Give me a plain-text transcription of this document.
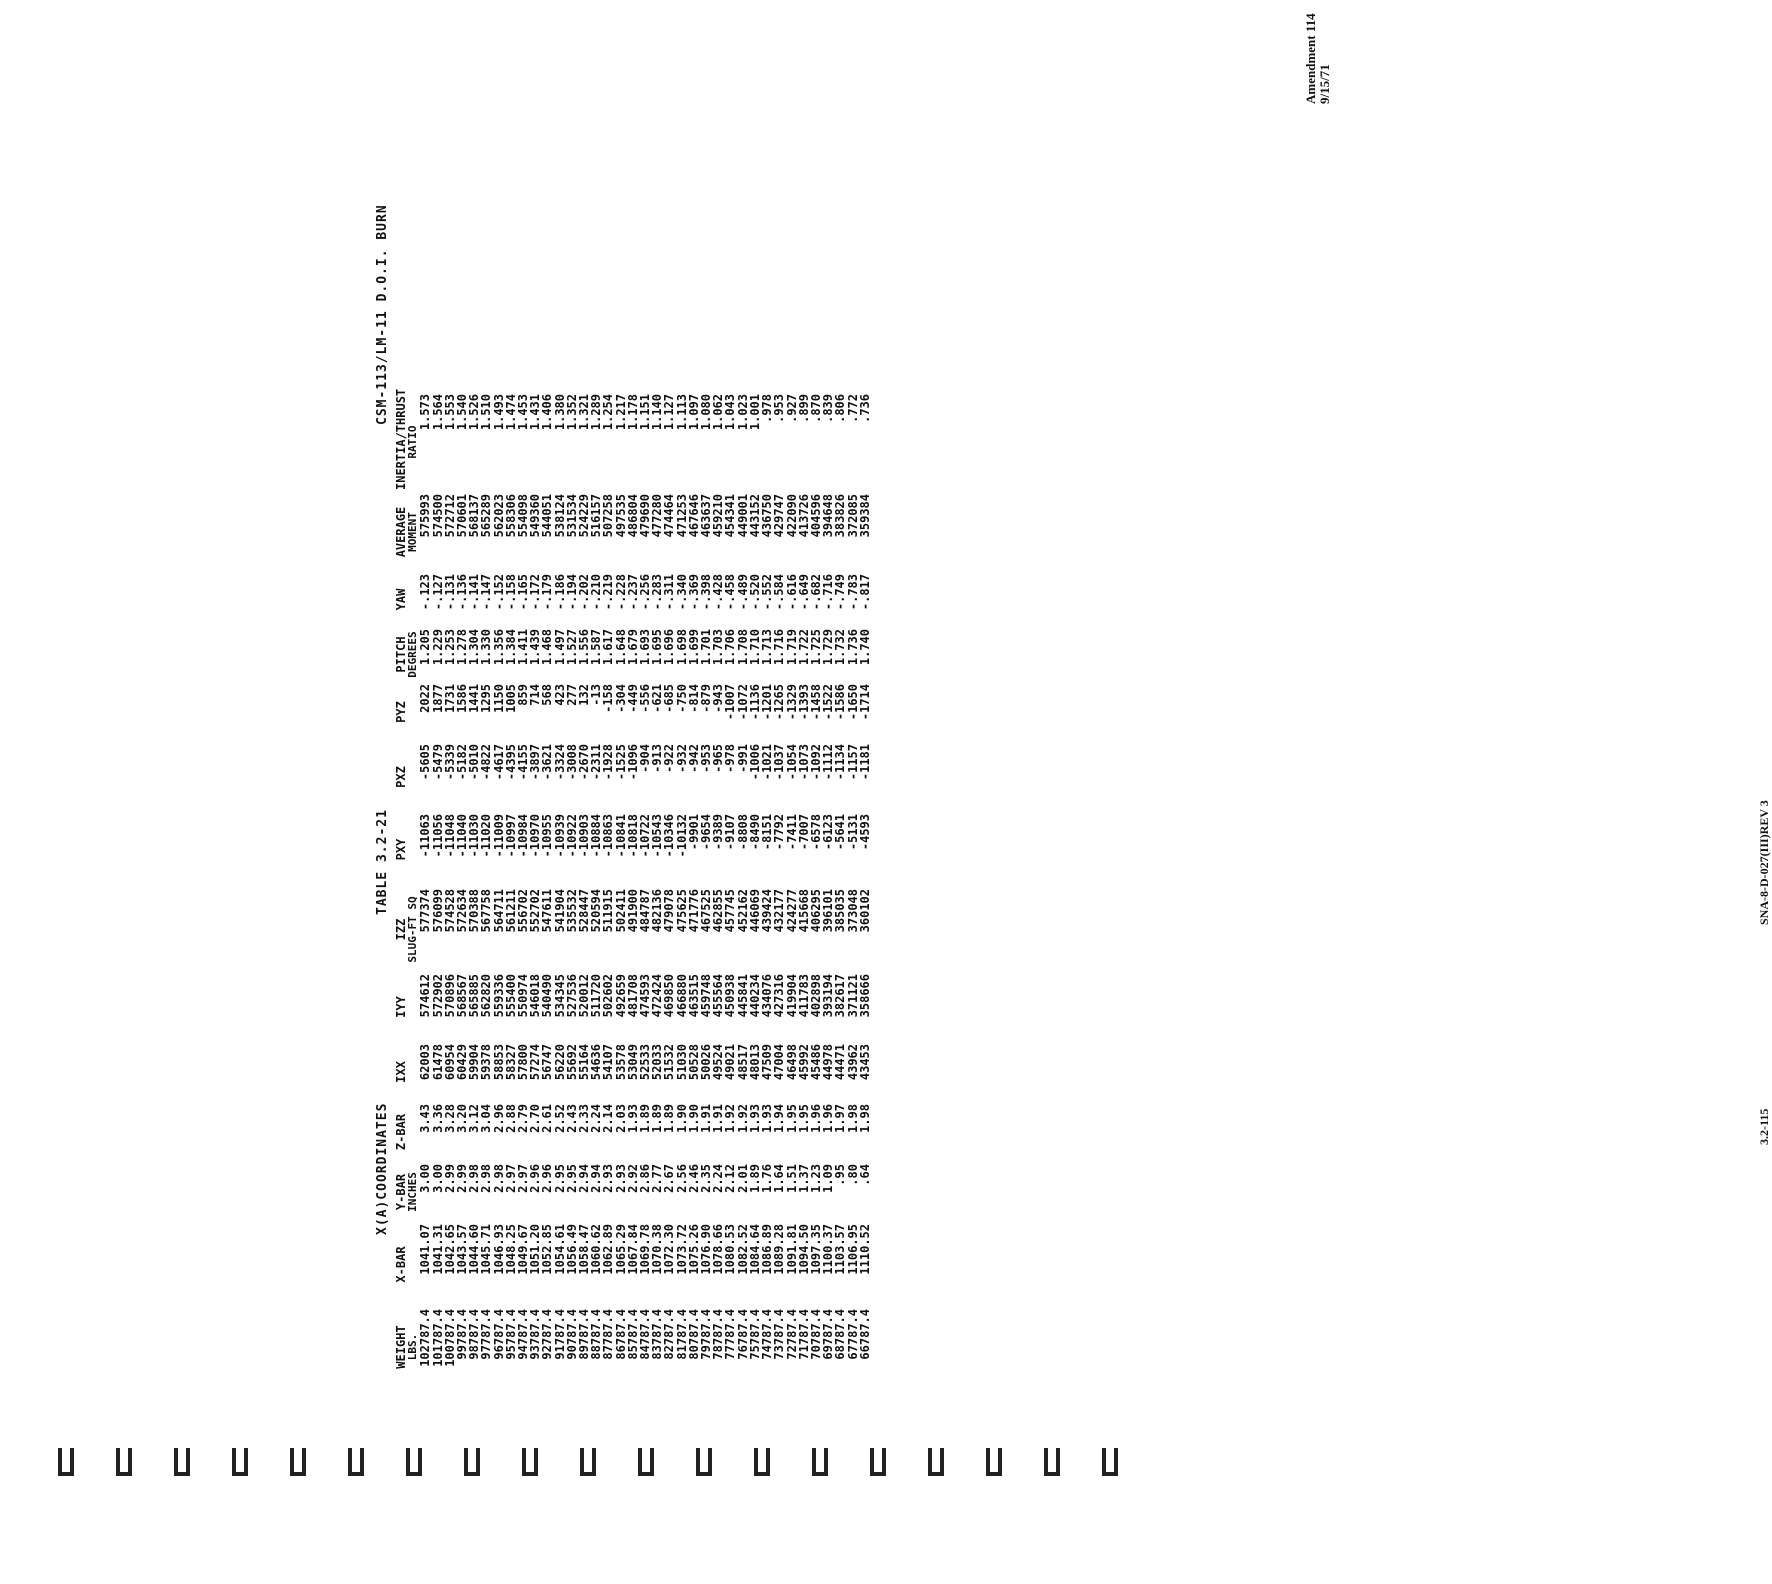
Amendment 114 9/15/71
X(A)COORDINATES
TABLE 3.2-21
CSM-113/LM-11 D.O.I. BURN
WEIGHT
X-BAR
Y-BAR
Z-BAR
IXX
IYY
IZZ
PXY
PXZ
PYZ
PITCH
YAW
AVERAGE
INERTIA/THRUST
LBS.
INCHES
SLUG-FT SQ
DEGREES
MOMENT
RATIO
102787.4
1041.07
3.00
3.43
62003
574612
577374
-11063
-5605
2022
1.205
-.123
575993
1.573
101787.4
1041.31
3.00
3.36
61478
572902
576099
-11056
-5479
1877
1.229
-.127
574500
1.564
100787.4
1042.65
2.99
3.28
60954
570896
574528
-11048
-5339
1731
1.253
-.131
572712
1.553
99787.4
1043.57
2.99
3.20
60429
568567
572634
-11040
-5182
1586
1.278
-.136
570601
1.540
98787.4
1044.60
2.98
3.12
59904
565885
570388
-11030
-5010
1441
1.304
-.141
568137
1.526
97787.4
1045.71
2.98
3.04
59378
562820
567758
-11020
-4822
1295
1.330
-.147
565289
1.510
96787.4
1046.93
2.98
2.96
58853
559336
564711
-11009
-4617
1150
1.356
-.152
562023
1.493
95787.4
1048.25
2.97
2.88
58327
555400
561211
-10997
-4395
1005
1.384
-.158
558306
1.474
94787.4
1049.67
2.97
2.79
57800
550974
556702
-10984
-4155
859
1.411
-.165
554098
1.453
93787.4
1051.20
2.96
2.70
57274
546018
552702
-10970
-3897
714
1.439
-.172
549360
1.431
92787.4
1052.85
2.96
2.61
56747
540490
547611
-10955
-3621
568
1.468
-.179
544051
1.406
91787.4
1054.61
2.95
2.52
56220
534345
541904
-10939
-3324
423
1.497
-.186
538124
1.380
90787.4
1056.49
2.95
2.43
55692
527536
535532
-10922
-3008
277
1.527
-.194
531534
1.352
89787.4
1058.47
2.94
2.33
55164
520012
528447
-10903
-2670
132
1.556
-.202
524229
1.321
88787.4
1060.62
2.94
2.24
54636
511720
520594
-10884
-2311
-13
1.587
-.210
516157
1.289
87787.4
1062.89
2.93
2.14
54107
502602
511915
-10863
-1928
-158
1.617
-.219
507258
1.254
86787.4
1065.29
2.93
2.03
53578
492659
502411
-10841
-1525
-304
1.648
-.228
497535
1.217
85787.4
1067.84
2.92
1.93
53049
481708
491900
-10818
-1096
-449
1.679
-.237
486804
1.178
84787.4
1069.78
2.86
1.89
52533
474593
484787
-10722
-904
-556
1.693
-.256
479690
1.151
83787.4
1070.38
2.77
1.89
52033
472424
482136
-10543
-913
-621
1.695
-.283
477280
1.140
82787.4
1072.30
2.67
1.89
51532
469850
479078
-10346
-922
-685
1.696
-.311
474464
1.127
81787.4
1073.72
2.56
1.90
51030
466880
475625
-10132
-932
-750
1.698
-.340
471253
1.113
80787.4
1075.26
2.46
1.90
50528
463515
471776
-9901
-942
-814
1.699
-.369
467646
1.097
79787.4
1076.90
2.35
1.91
50026
459748
467525
-9654
-953
-879
1.701
-.398
463637
1.080
78787.4
1078.66
2.24
1.91
49524
455564
462855
-9389
-965
-943
1.703
-.428
459210
1.062
77787.4
1080.53
2.12
1.92
49021
450938
457745
-9107
-978
-1007
1.706
-.458
454341
1.043
76787.4
1082.52
2.01
1.92
48517
445841
452162
-8808
-991
-1072
1.708
-.489
449001
1.023
75787.4
1084.64
1.89
1.93
48013
440234
446069
-8490
-1006
-1136
1.710
-.520
443152
1.001
74787.4
1086.89
1.76
1.93
47509
434076
439424
-8151
-1021
-1201
1.713
-.552
436750
.978
73787.4
1089.28
1.64
1.94
47004
427316
432177
-7792
-1037
-1265
1.716
-.584
429747
.953
72787.4
1091.81
1.51
1.95
46498
419904
424277
-7411
-1054
-1329
1.719
-.616
422090
.927
71787.4
1094.50
1.37
1.95
45992
411783
415668
-7007
-1073
-1393
1.722
-.649
413726
.899
70787.4
1097.35
1.23
1.96
45486
402898
406295
-6578
-1092
-1458
1.725
-.682
404596
.870
69787.4
1100.37
1.09
1.96
44978
393194
396101
-6123
-1112
-1522
1.729
-.716
394648
.839
68787.4
1103.57
.95
1.97
44471
382617
385035
-5641
-1134
-1586
1.732
-.749
383826
.806
67787.4
1106.95
.80
1.98
43962
371121
373048
-5131
-1157
-1650
1.736
-.783
372085
.772
66787.4
1110.52
.64
1.98
43453
358666
360102
-4593
-1181
-1714
1.740
-.817
359384
.736
3.2-115
SNA-8-D-027(III)REV 3
